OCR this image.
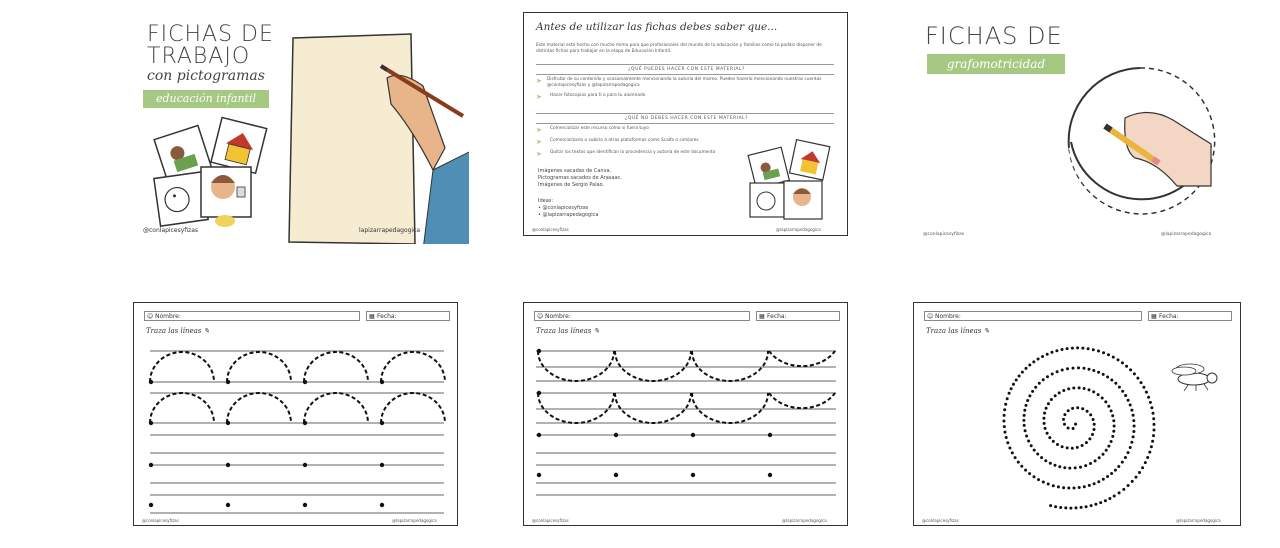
FICHAS DE
TRABAJO
con pictogramas
educación infantil
@conlapicesyfizas	lapizarrapedagogica
Antes de utilizar las fichas debes saber que...
Este material está hecho con mucho mimo para que profesionales del mundo de la educación y familias como tú podáis disponer de distintas fichas para trabajar en la etapa de Educación Infantil.
¿QUÉ PUEDES HACER CON ESTE MATERIAL?
➤	Disfrutar de su contenido y ocasionalmente mencionando la autoría del mismo. Puedes hacerlo mencionando nuestras cuentas @conlapicesyfizas y @lapizarrapedagogica
➤	Hacer fotocopias para ti o para tu alumnado
¿QUÉ NO DEBES HACER CON ESTE MATERIAL?
➤	Comercializar este recurso como si fuera tuyo
➤	Comercializarlo o subirlo a otras plataformas como Scalfa o similares
➤	Quitar los textos que identifican la procedencia y autoría de este documento
Imágenes sacadas de Canva.
Pictogramas sacados de Arasaac.
Imágenes de Sergio Palao.
Ideas:
• @conlapicesyfizas
• @lapizarrapedagogica
@conlapicesyfizas	@lapizarrapedagogica
FICHAS DE
grafomotricidad
@conlapicesyfizas	@lapizarrapedagogica
☺ Nombre:	▦ Fecha:
Traza las líneas ✎
@conlapicesyfizas	@lapizarrapedagogica
☺ Nombre:	▦ Fecha:
Traza las líneas ✎
@conlapicesyfizas	@lapizarrapedagogica
☺ Nombre:	▦ Fecha:
Traza las líneas ✎
@conlapicesyfizas	@lapizarrapedagogica
